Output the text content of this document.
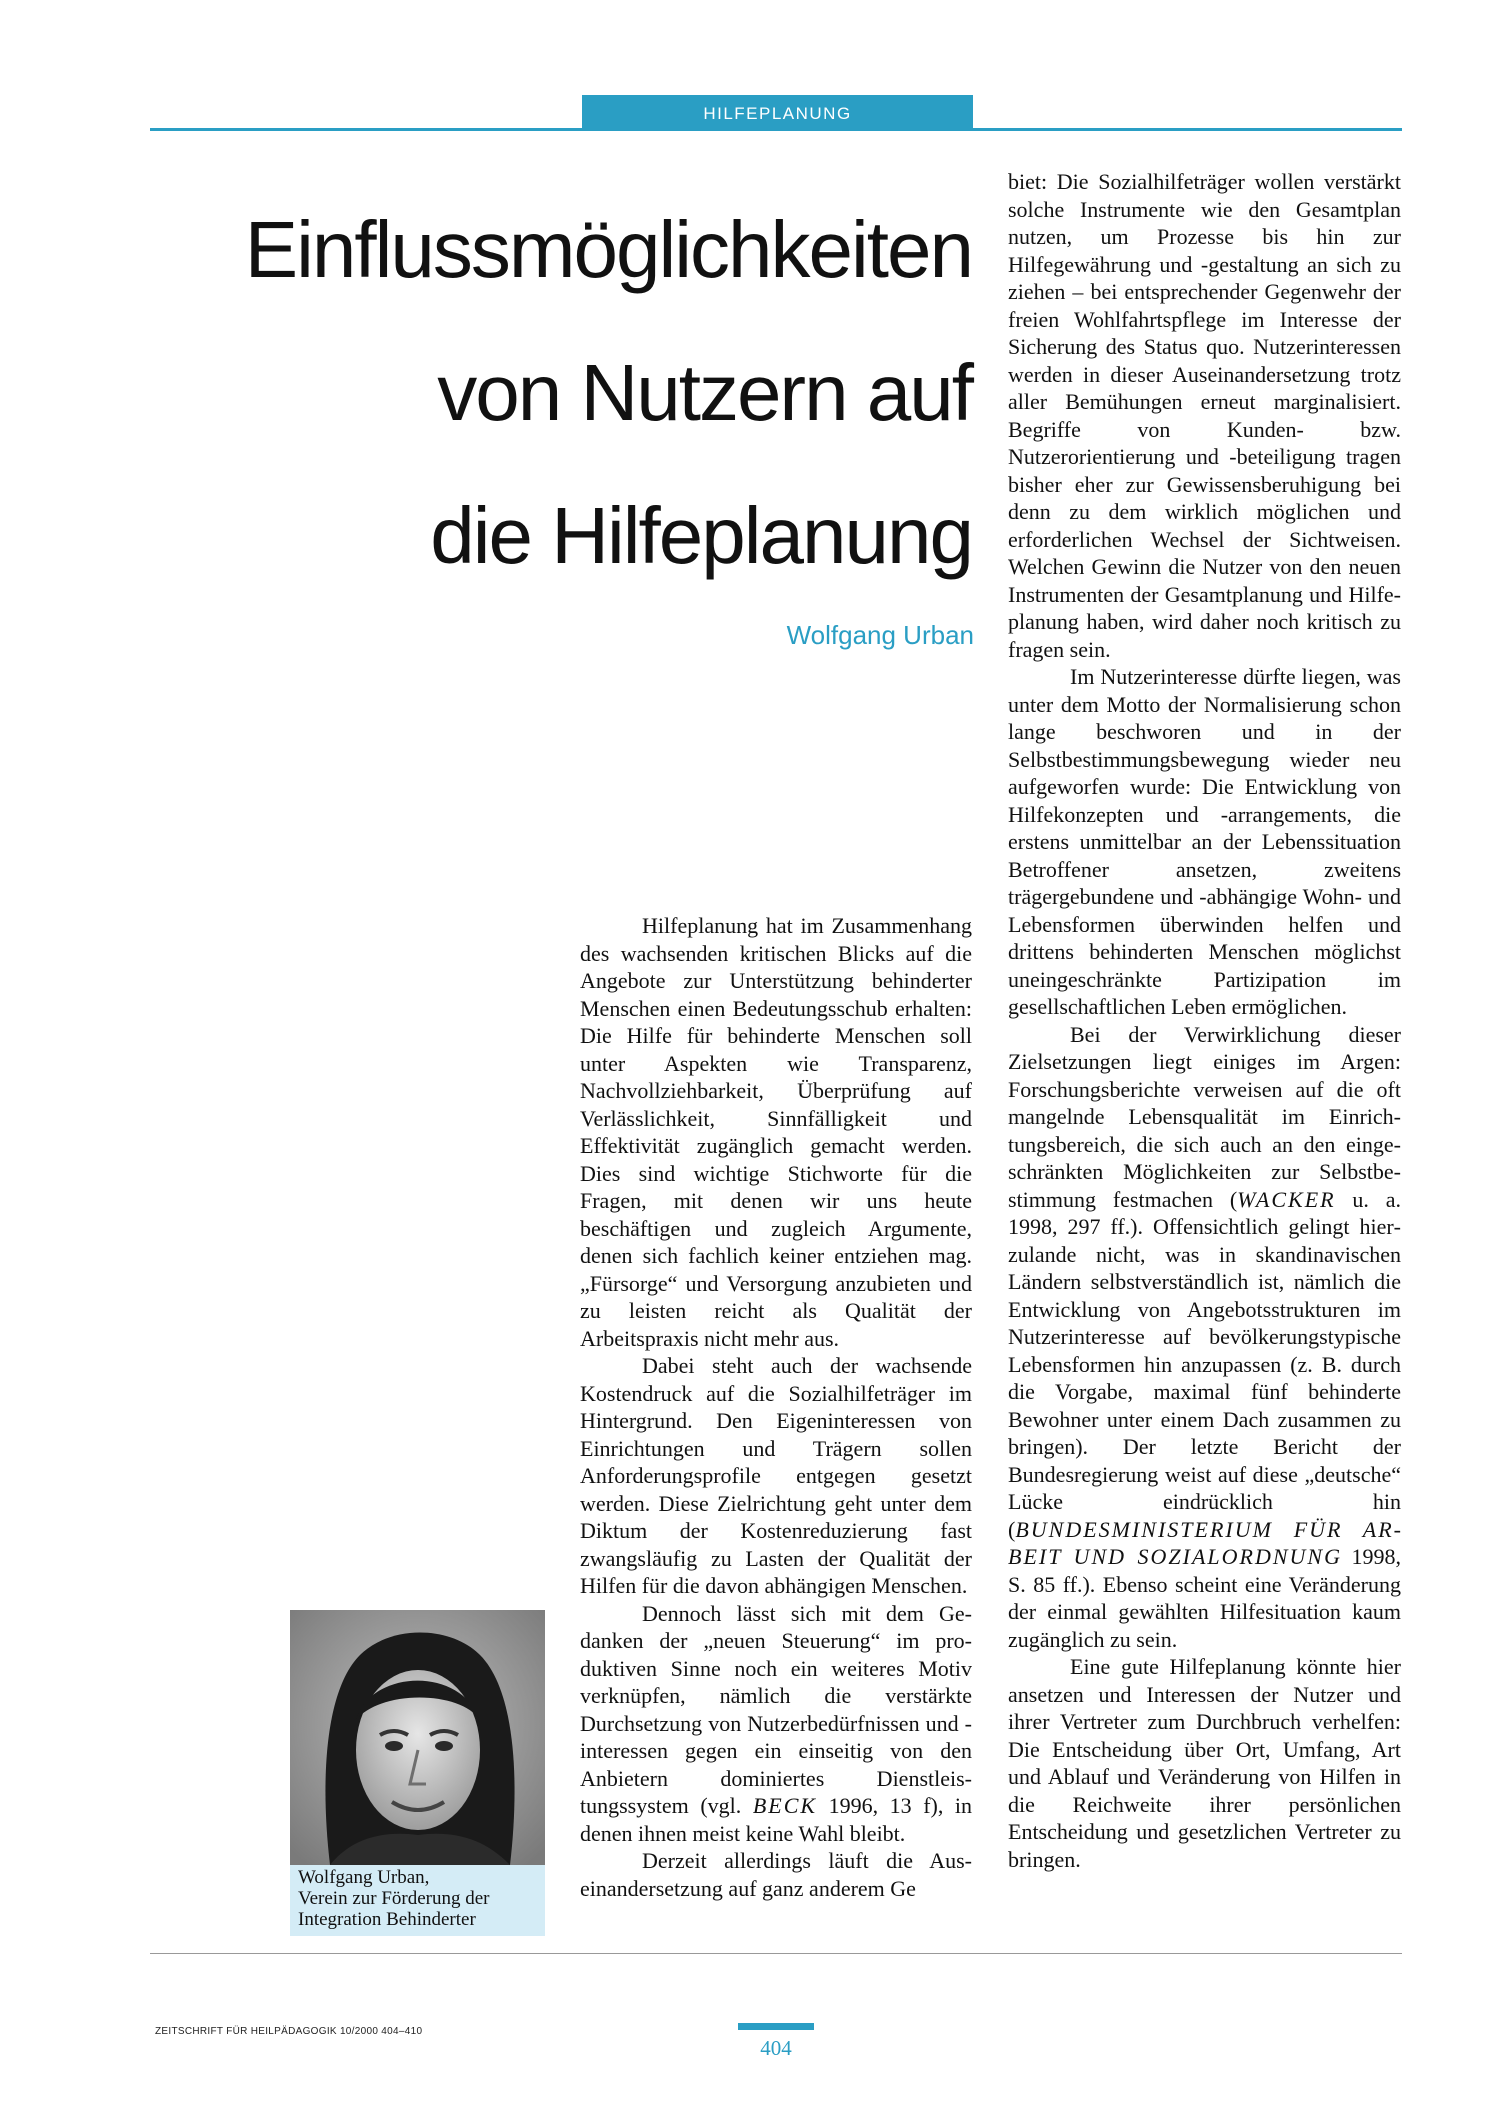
HILFEPLANUNG
Einflussmöglichkeiten
von Nutzern auf
die Hilfeplanung
Wolfgang Urban

Hilfeplanung hat im Zusammenhang des wachsenden kritischen Blicks auf die Angebote zur Unterstützung behinderter Menschen einen Bedeutungsschub erhalten: Die Hilfe für behinderte Menschen soll unter Aspekten wie Transparenz, Nachvollziehbarkeit, Überprüfung auf Verlässlichkeit, Sinnfälligkeit und Effektivität zugänglich gemacht werden. Dies sind wichtige Stichworte für die Fragen, mit denen wir uns heute beschäftigen und zugleich Argumente, denen sich fachlich keiner entziehen mag. „Fürsorge“ und Versorgung anzubieten und zu leisten reicht als Qualität der Arbeitspraxis nicht mehr aus.

Dabei steht auch der wachsende Kostendruck auf die Sozialhilfeträger im Hintergrund. Den Eigeninteressen von Einrichtungen und Trägern sollen Anforderungsprofile entgegen gesetzt werden. Diese Zielrichtung geht unter dem Diktum der Kostenreduzierung fast zwangsläufig zu Lasten der Qualität der Hilfen für die davon abhängigen Menschen.

Dennoch lässt sich mit dem Gedanken der „neuen Steuerung“ im produktiven Sinne noch ein weiteres Motiv verknüpfen, nämlich die verstärkte Durchsetzung von Nutzerbedürfnissen und -interessen gegen ein einseitig von den Anbietern dominiertes Dienstleistungssystem (vgl. BECK 1996, 13 f), in denen ihnen meist keine Wahl bleibt.

Derzeit allerdings läuft die Auseinandersetzung auf ganz anderem Ge

biet: Die Sozialhilfeträger wollen verstärkt solche Instrumente wie den Gesamtplan nutzen, um Prozesse bis hin zur Hilfegewährung und -gestaltung an sich zu ziehen – bei entsprechender Gegenwehr der freien Wohlfahrtspflege im Interesse der Sicherung des Status quo. Nutzerinteressen werden in dieser Auseinandersetzung trotz aller Bemühungen erneut marginalisiert. Begriffe von Kunden- bzw. Nutzerorientierung und -beteiligung tragen bisher eher zur Gewissensberuhigung bei denn zu dem wirklich möglichen und erforderlichen Wechsel der Sichtweisen. Welchen Gewinn die Nutzer von den neuen Instrumenten der Gesamtplanung und Hilfeplanung haben, wird daher noch kritisch zu fragen sein.

Im Nutzerinteresse dürfte liegen, was unter dem Motto der Normalisierung schon lange beschworen und in der Selbstbestimmungsbewegung wieder neu aufgeworfen wurde: Die Entwicklung von Hilfekonzepten und -arrangements, die erstens unmittelbar an der Lebenssituation Betroffener ansetzen, zweitens trägergebundene und -abhängige Wohn- und Lebensformen überwinden helfen und drittens behinderten Menschen möglichst uneingeschränkte Partizipation im gesellschaftlichen Leben ermöglichen.

Bei der Verwirklichung dieser Zielsetzungen liegt einiges im Argen: Forschungsberichte verweisen auf die oft mangelnde Lebensqualität im Einrichtungsbereich, die sich auch an den eingeschränkten Möglichkeiten zur Selbstbestimmung festmachen (WACKER u. a. 1998, 297 ff.). Offensichtlich gelingt hierzulande nicht, was in skandinavischen Ländern selbstverständlich ist, nämlich die Entwicklung von Angebotsstrukturen im Nutzerinteresse auf bevölkerungstypische Lebensformen hin anzupassen (z. B. durch die Vorgabe, maximal fünf behinderte Bewohner unter einem Dach zusammen zu bringen). Der letzte Bericht der Bundesregierung weist auf diese „deutsche“ Lücke eindrücklich hin (BUNDESMINISTERIUM FÜR ARBEIT UND SOZIALORDNUNG 1998, S. 85 ff.). Ebenso scheint eine Veränderung der einmal gewählten Hilfesituation kaum zugänglich zu sein.

Eine gute Hilfeplanung könnte hier ansetzen und Interessen der Nutzer und ihrer Vertreter zum Durchbruch verhelfen: Die Entscheidung über Ort, Umfang, Art und Ablauf und Veränderung von Hilfen in die Reichweite ihrer persönlichen Entscheidung und gesetzlichen Vertreter zu bringen.

Wolfgang Urban,
Verein zur Förderung der
Integration Behinderter
ZEITSCHRIFT FÜR HEILPÄDAGOGIK 10/2000 404–410
404
